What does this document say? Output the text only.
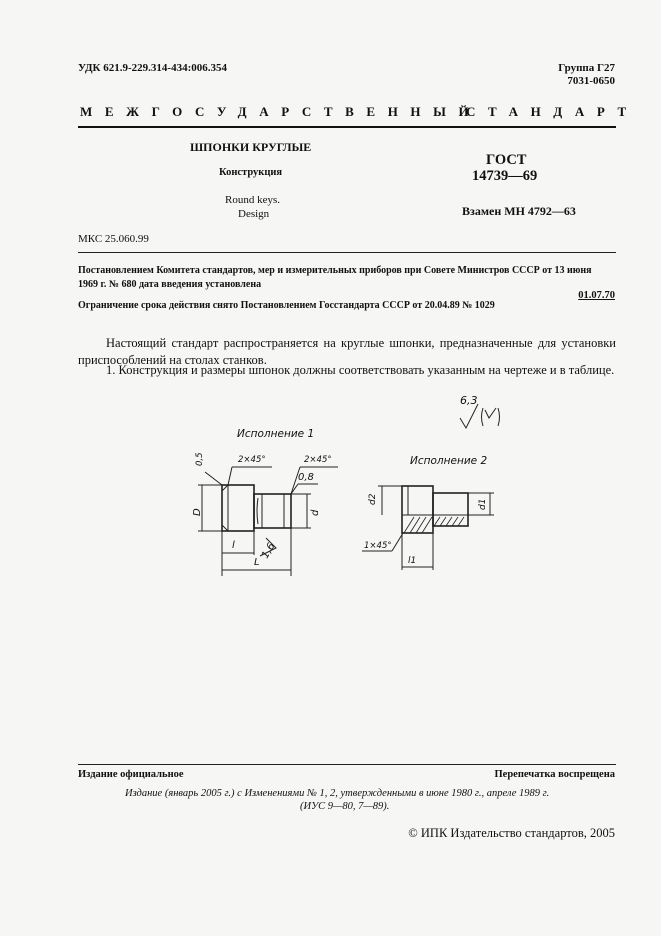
УДК 621.9-229.314-434:006.354	Группа Г27
7031-0650
МЕЖГОСУДАРСТВЕННЫЙ
СТАНДАРТ
ШПОНКИ КРУГЛЫЕ
Конструкция
Round keys.
Design
ГОСТ
14739—69
Взамен МН 4792—63
МКС 25.060.99
Постановлением Комитета стандартов, мер и измерительных приборов при Совете Министров СССР от 13 июня
1969 г. № 680 дата введения установлена
01.07.70
Ограничение срока действия снято Постановлением Госстандарта СССР от 20.04.89 № 1029
Настоящий стандарт распространяется на круглые шпонки, предназначенные для установки приспособлений на столах станков.
1. Конструкция и размеры шпонок должны соответствовать указанным на чертеже и в таблице.
6,3
Исполнение 1
Исполнение 2
2×45°	2×45°
1×45°
0,5
0,8
1,6
D	d
l
L
d2	d1
l1
Издание официальное	Перепечатка воспрещена
Издание (январь 2005 г.) с Изменениями № 1, 2, утвержденными в июне 1980 г., апреле 1989 г.
(ИУС 9—80, 7—89).
© ИПК Издательство стандартов, 2005
